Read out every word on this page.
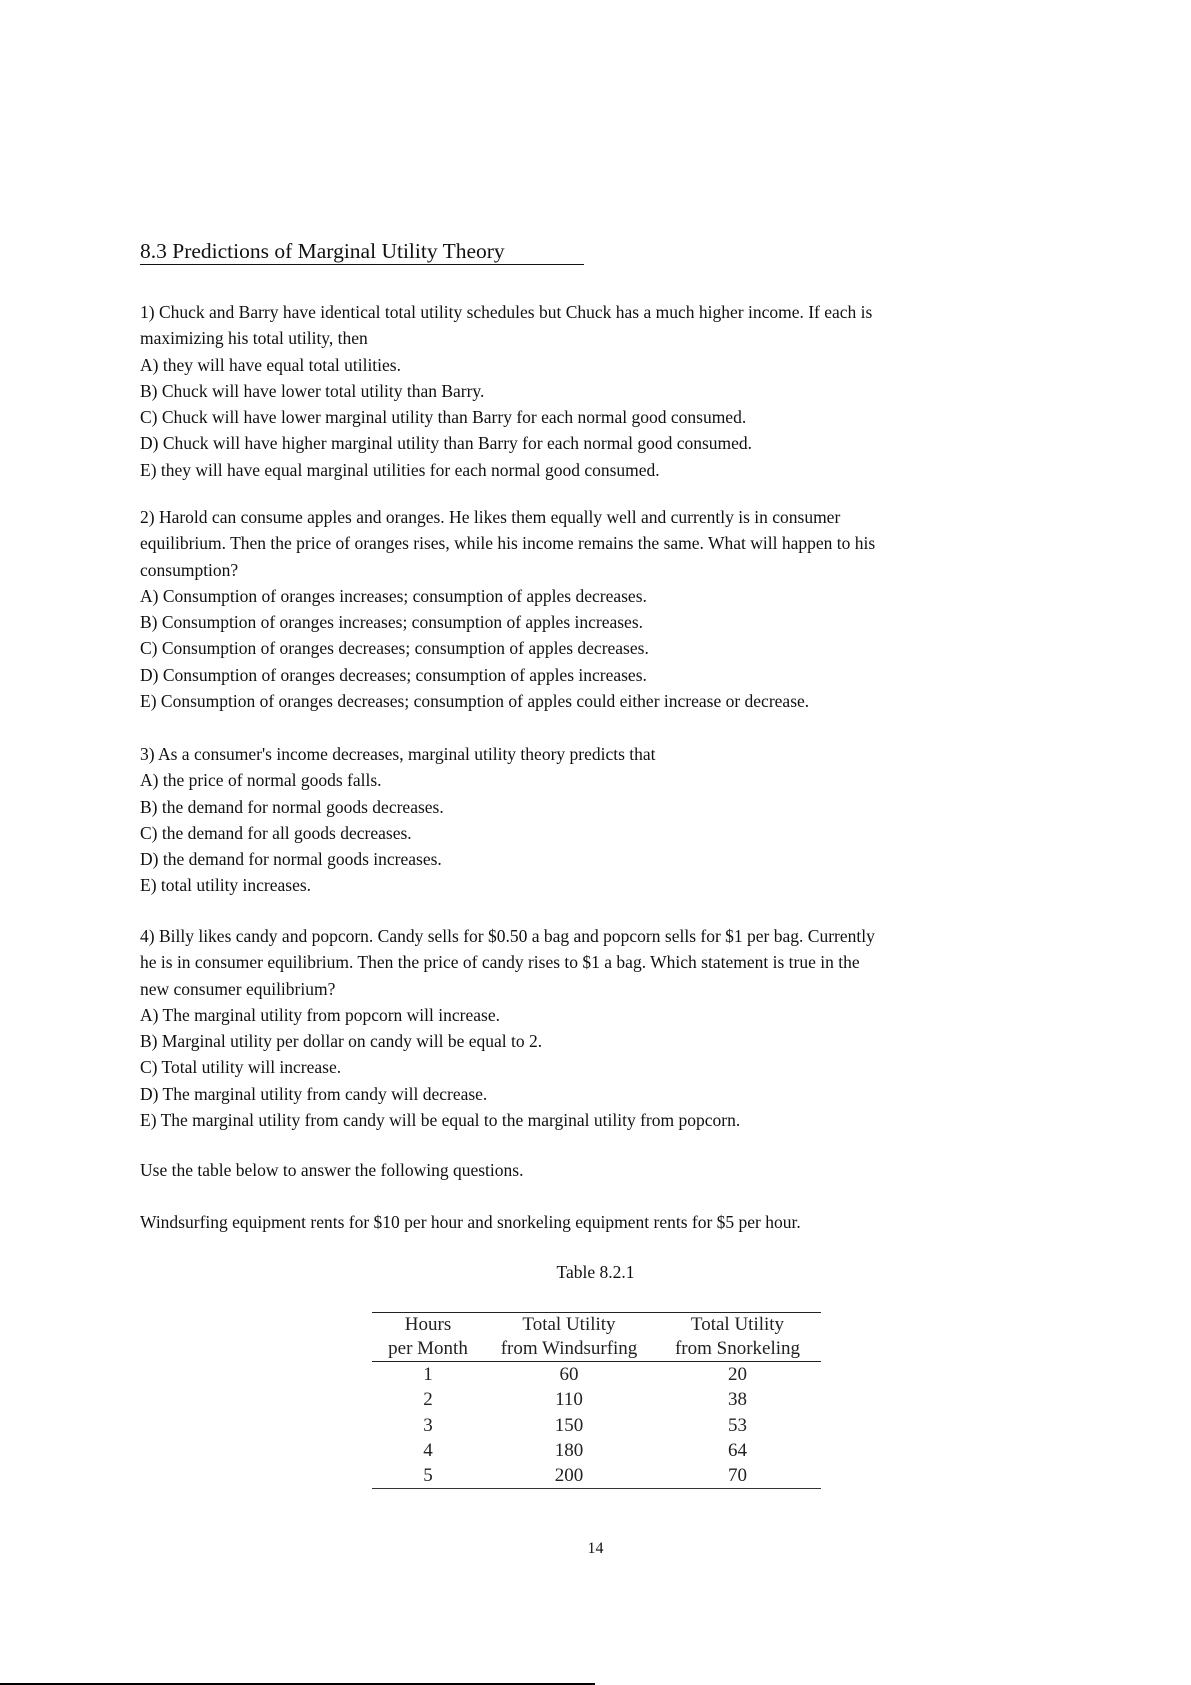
8.3 Predictions of Marginal Utility Theory
1) Chuck and Barry have identical total utility schedules but Chuck has a much higher income. If each is
maximizing his total utility, then
A) they will have equal total utilities.
B) Chuck will have lower total utility than Barry.
C) Chuck will have lower marginal utility than Barry for each normal good consumed.
D) Chuck will have higher marginal utility than Barry for each normal good consumed.
E) they will have equal marginal utilities for each normal good consumed.
2) Harold can consume apples and oranges. He likes them equally well and currently is in consumer
equilibrium. Then the price of oranges rises, while his income remains the same. What will happen to his
consumption?
A) Consumption of oranges increases; consumption of apples decreases.
B) Consumption of oranges increases; consumption of apples increases.
C) Consumption of oranges decreases; consumption of apples decreases.
D) Consumption of oranges decreases; consumption of apples increases.
E) Consumption of oranges decreases; consumption of apples could either increase or decrease.
3) As a consumer's income decreases, marginal utility theory predicts that
A) the price of normal goods falls.
B) the demand for normal goods decreases.
C) the demand for all goods decreases.
D) the demand for normal goods increases.
E) total utility increases.
4) Billy likes candy and popcorn. Candy sells for $0.50 a bag and popcorn sells for $1 per bag. Currently
he is in consumer equilibrium. Then the price of candy rises to $1 a bag. Which statement is true in the
new consumer equilibrium?
A) The marginal utility from popcorn will increase.
B) Marginal utility per dollar on candy will be equal to 2.
C) Total utility will increase.
D) The marginal utility from candy will decrease.
E) The marginal utility from candy will be equal to the marginal utility from popcorn.
Use the table below to answer the following questions.
Windsurfing equipment rents for $10 per hour and snorkeling equipment rents for $5 per hour.
Table 8.2.1
Hours	Total Utility	Total Utility
per Month	from Windsurfing	from Snorkeling
1	60	20
2	110	38
3	150	53
4	180	64
5	200	70
14
